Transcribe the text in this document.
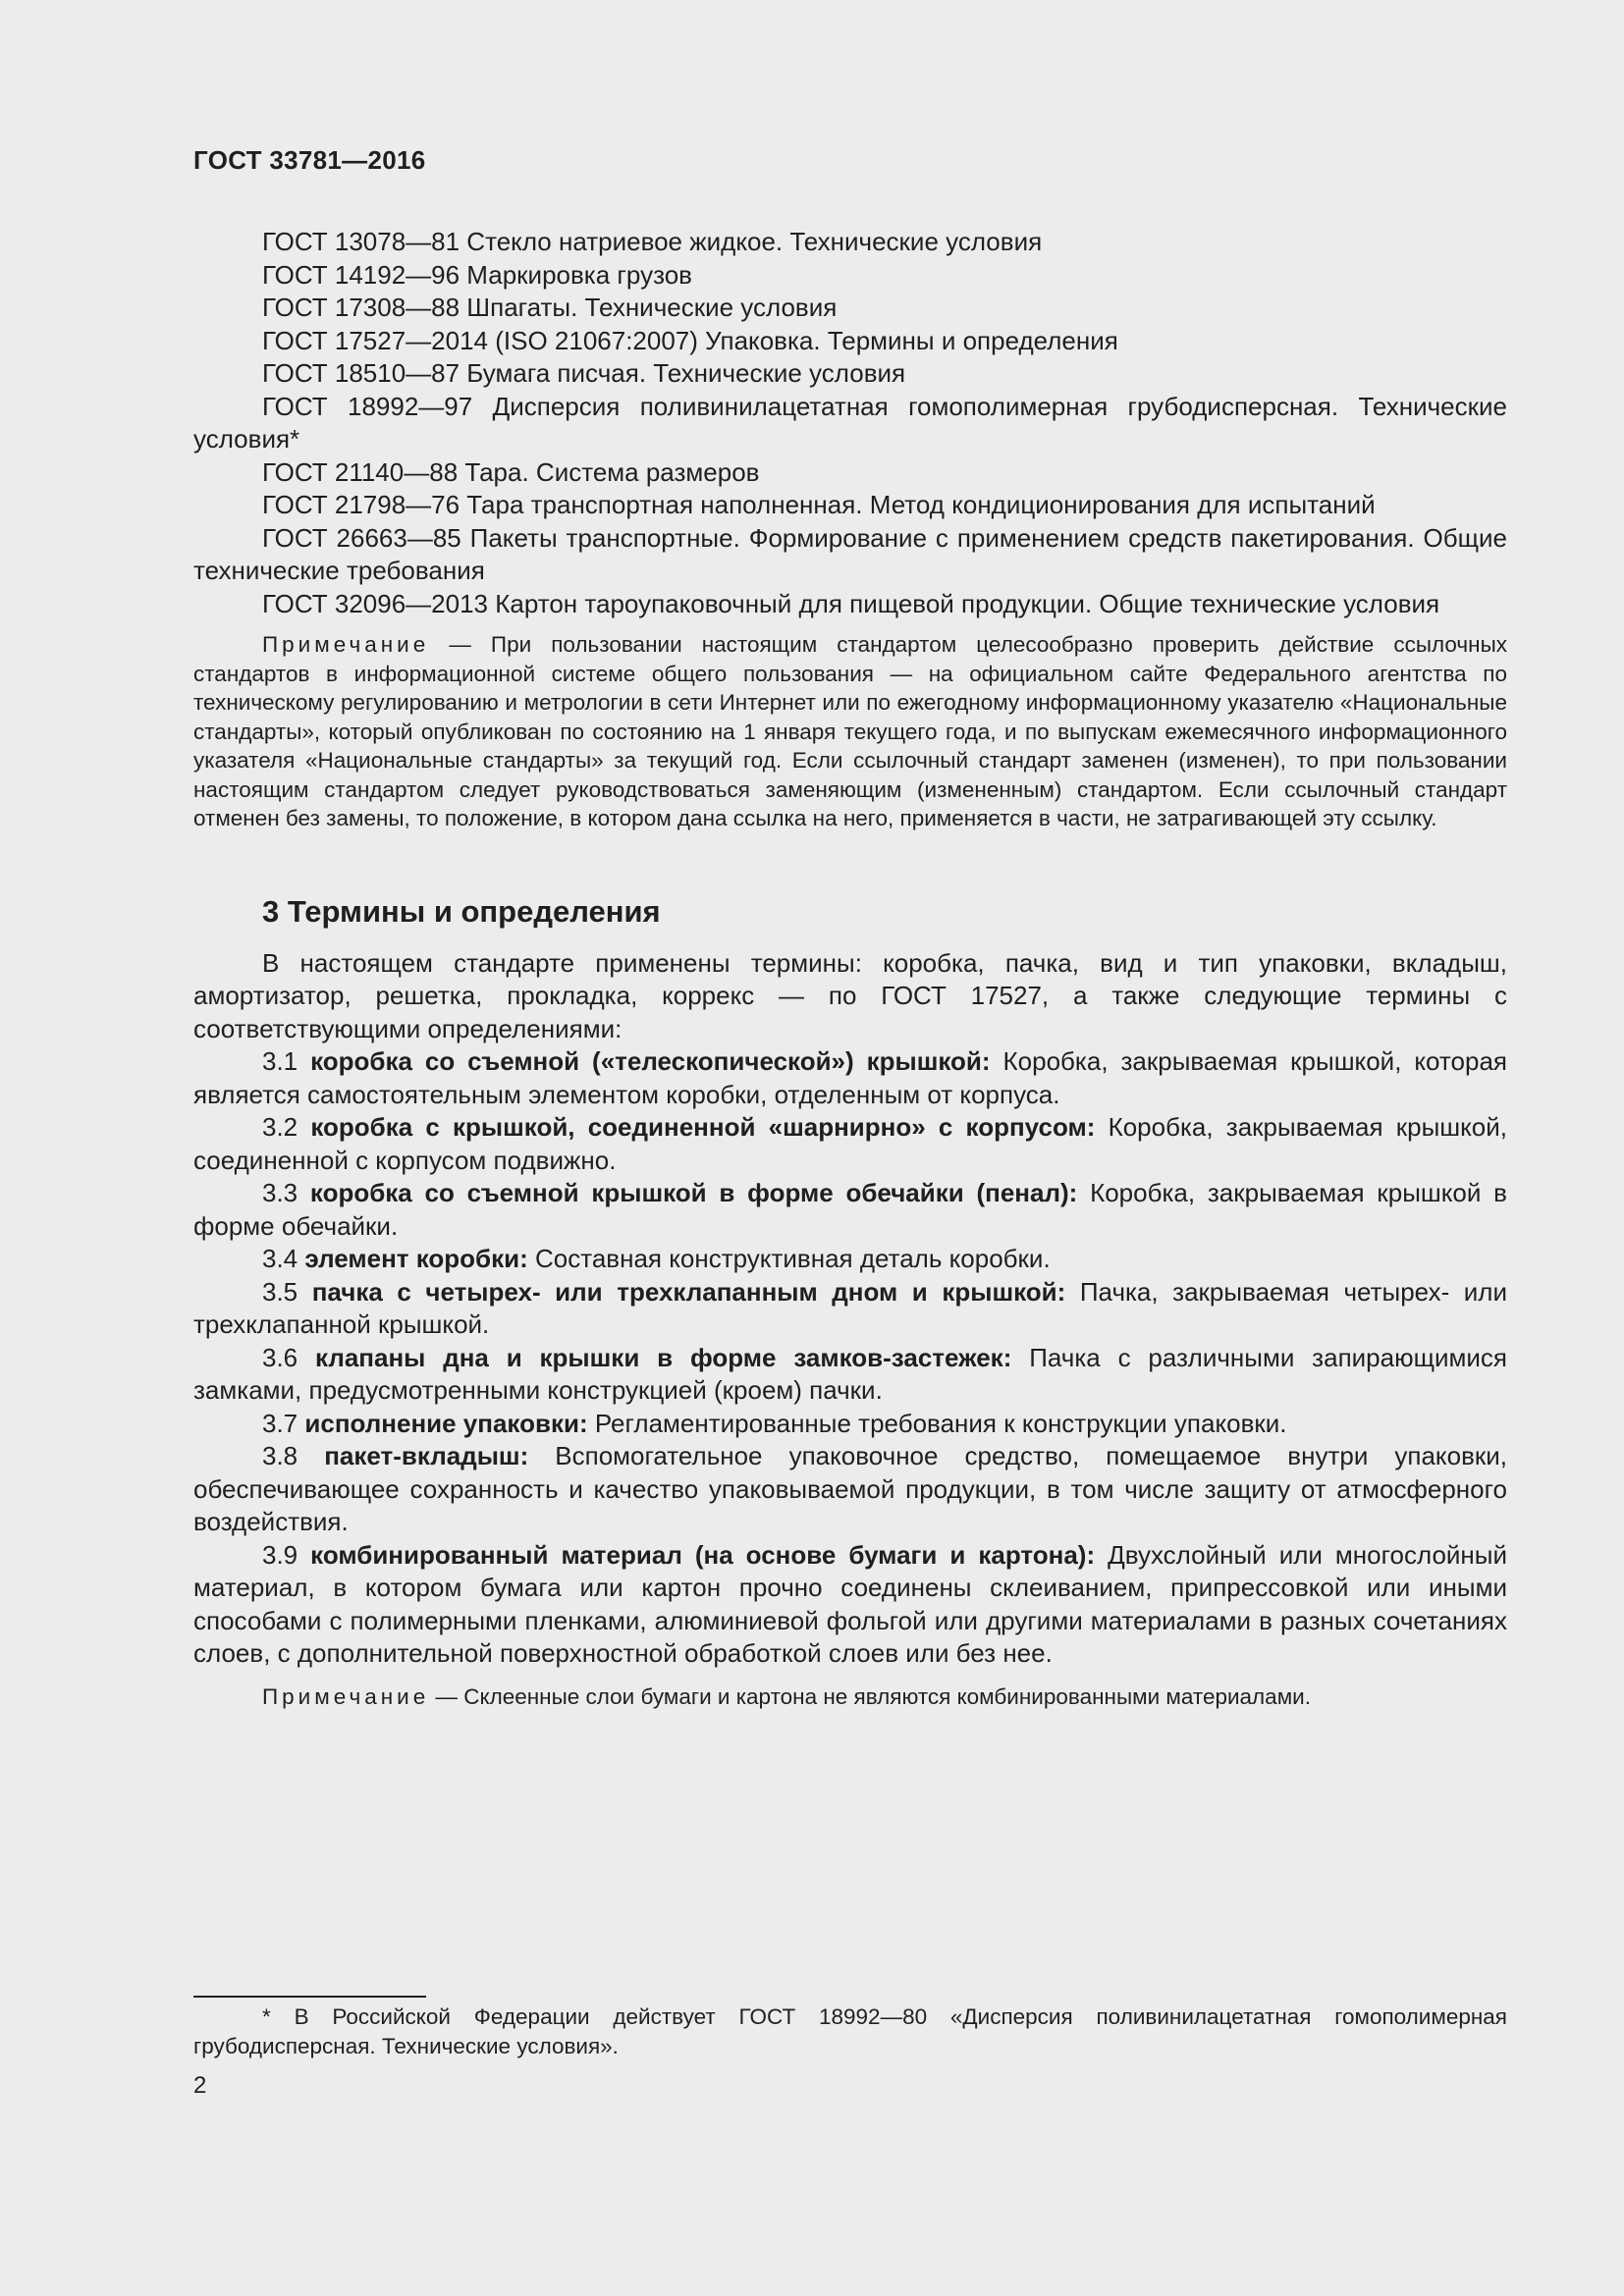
ГОСТ 33781—2016

ГОСТ 13078—81 Стекло натриевое жидкое. Технические условия

ГОСТ 14192—96 Маркировка грузов

ГОСТ 17308—88 Шпагаты. Технические условия

ГОСТ 17527—2014 (ISO 21067:2007) Упаковка. Термины и определения

ГОСТ 18510—87 Бумага писчая. Технические условия

ГОСТ 18992—97 Дисперсия поливинилацетатная гомополимерная грубодисперсная. Технические условия*

ГОСТ 21140—88 Тара. Система размеров

ГОСТ 21798—76 Тара транспортная наполненная. Метод кондиционирования для испытаний

ГОСТ 26663—85 Пакеты транспортные. Формирование с применением средств пакетирования. Общие технические требования

ГОСТ 32096—2013 Картон тароупаковочный для пищевой продукции. Общие технические условия

Примечание — При пользовании настоящим стандартом целесообразно проверить действие ссылочных стандартов в информационной системе общего пользования — на официальном сайте Федерального агентства по техническому регулированию и метрологии в сети Интернет или по ежегодному информационному указателю «Национальные стандарты», который опубликован по состоянию на 1 января текущего года, и по выпускам ежемесячного информационного указателя «Национальные стандарты» за текущий год. Если ссылочный стандарт заменен (изменен), то при пользовании настоящим стандартом следует руководствоваться заменяющим (измененным) стандартом. Если ссылочный стандарт отменен без замены, то положение, в котором дана ссылка на него, применяется в части, не затрагивающей эту ссылку.

3 Термины и определения

В настоящем стандарте применены термины: коробка, пачка, вид и тип упаковки, вкладыш, амортизатор, решетка, прокладка, коррекс — по ГОСТ 17527, а также следующие термины с соответствующими определениями:

3.1 коробка со съемной («телескопической») крышкой: Коробка, закрываемая крышкой, которая является самостоятельным элементом коробки, отделенным от корпуса.

3.2 коробка с крышкой, соединенной «шарнирно» с корпусом: Коробка, закрываемая крышкой, соединенной с корпусом подвижно.

3.3 коробка со съемной крышкой в форме обечайки (пенал): Коробка, закрываемая крышкой в форме обечайки.

3.4 элемент коробки: Составная конструктивная деталь коробки.

3.5 пачка с четырех- или трехклапанным дном и крышкой: Пачка, закрываемая четырех- или трехклапанной крышкой.

3.6 клапаны дна и крышки в форме замков-застежек: Пачка с различными запирающимися замками, предусмотренными конструкцией (кроем) пачки.

3.7 исполнение упаковки: Регламентированные требования к конструкции упаковки.

3.8 пакет-вкладыш: Вспомогательное упаковочное средство, помещаемое внутри упаковки, обеспечивающее сохранность и качество упаковываемой продукции, в том числе защиту от атмосферного воздействия.

3.9 комбинированный материал (на основе бумаги и картона): Двухслойный или многослойный материал, в котором бумага или картон прочно соединены склеиванием, припрессовкой или иными способами с полимерными пленками, алюминиевой фольгой или другими материалами в разных сочетаниях слоев, с дополнительной поверхностной обработкой слоев или без нее.

Примечание — Склеенные слои бумаги и картона не являются комбинированными материалами.

* В Российской Федерации действует ГОСТ 18992—80 «Дисперсия поливинилацетатная гомополимерная грубодисперсная. Технические условия».

2
